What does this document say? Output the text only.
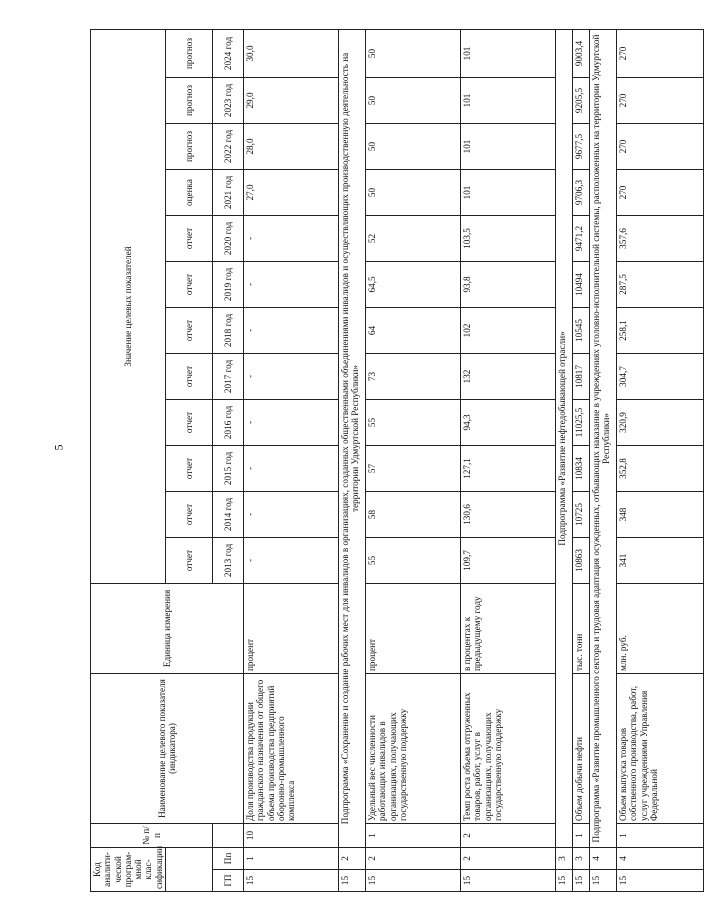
5
Код аналити-ческой програм-мной клас-сификации		№ п/п	Наименование целевого показателя (индикатора)	Единица измерения	Значение целевых показателей											
					отчет	отчет	отчет	отчет	отчет	отчет	отчет	отчет	оценка	прогноз	прогноз	прогноз
ГП	Пп				2013 год	2014 год	2015 год	2016 год	2017 год	2018 год	2019 год	2020 год	2021 год	2022 год	2023 год	2024 год
15	1	10	Доля производства продукции гражданского назначения от общего объема производства предприятий оборонно-промышленного комплекса	процент	-	-	-	-	-	-	-	-	27,0	28,0	29,0	30,0
15	2	Подпрограмма «Сохранение и создание рабочих мест для инвалидов в организациях, созданных общественными объединениями инвалидов и осуществляющих производственную деятельность на территории Удмуртской Республики»														
15	2	1	Удельный вес численности работающих инвалидов в организациях, получающих государственную поддержку	процент	55	58	57	55	73	64	64,5	52	50	50	50	50
15	2	2	Темп роста объема отгруженных товаров, работ, услуг в организациях, получающих государственную поддержку	в процентах к предыдущему году	109,7	130,6	127,1	94,3	132	102	93,8	103,5	101	101	101	101
15	3	Подпрограмма «Развитие нефтедобывающей отрасли»														
15	3	1	Объем добычи нефти	тыс. тонн	10863	10725	10834	11025,5	10817	10545	10494	9471,2	9706,3	9677,5	9205,5	9003,4
15	4	Подпрограмма «Развитие промышленного сектора и трудовая адаптация осужденных, отбывающих наказание в учреждениях уголовно-исполнительной системы, расположенных на территории Удмуртской Республики»														
15	4	1	Объем выпуска товаров собственного производства, работ, услуг учреждениями Управления Федеральной	млн. руб.	341	348	352,8	320,9	304,7	258,1	287,5	357,6	270	270	270	270
